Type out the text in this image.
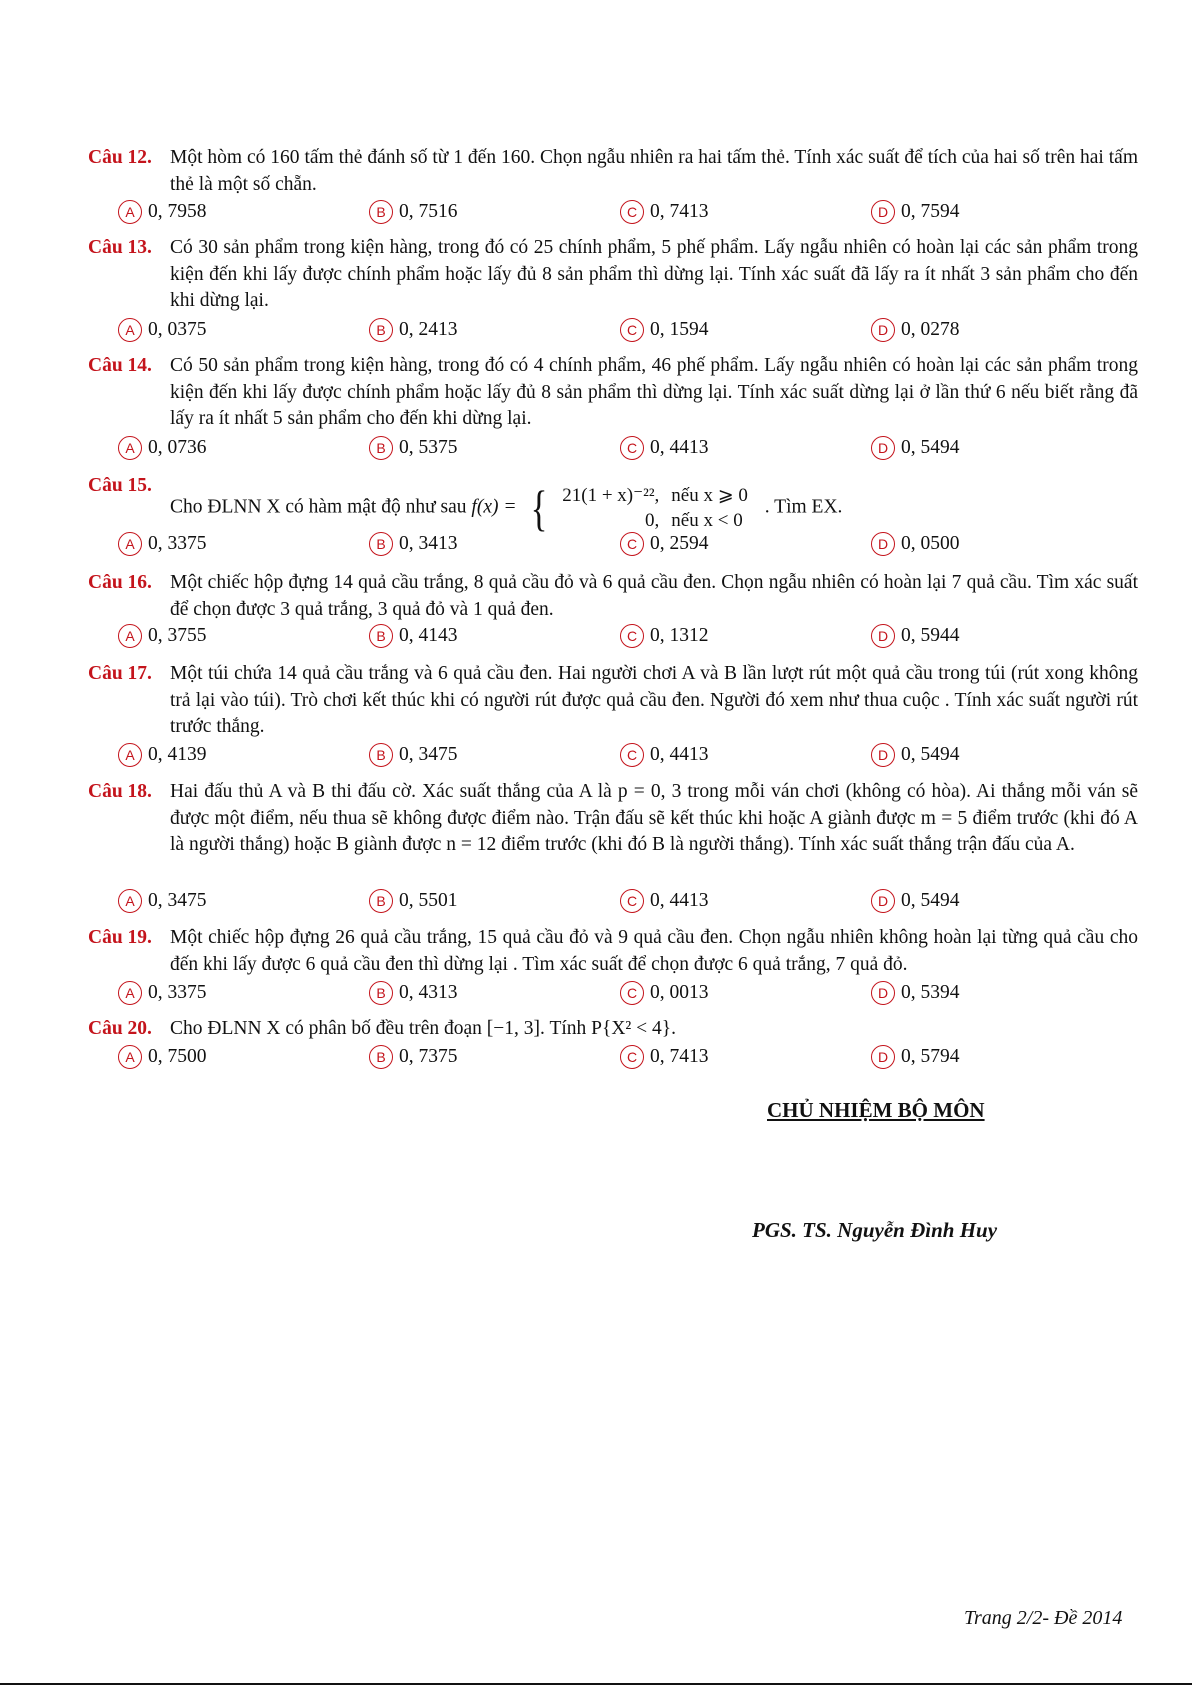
Câu 12. Một hòm có 160 tấm thẻ đánh số từ 1 đến 160. Chọn ngẫu nhiên ra hai tấm thẻ. Tính xác suất để tích của hai số trên hai tấm thẻ là một số chẵn.
A 0, 7958	B 0, 7516	C 0, 7413	D 0, 7594
Câu 13. Có 30 sản phẩm trong kiện hàng, trong đó có 25 chính phẩm, 5 phế phẩm. Lấy ngẫu nhiên có hoàn lại các sản phẩm trong kiện đến khi lấy được chính phẩm hoặc lấy đủ 8 sản phẩm thì dừng lại. Tính xác suất đã lấy ra ít nhất 3 sản phẩm cho đến khi dừng lại.
A 0, 0375	B 0, 2413	C 0, 1594	D 0, 0278
Câu 14. Có 50 sản phẩm trong kiện hàng, trong đó có 4 chính phẩm, 46 phế phẩm. Lấy ngẫu nhiên có hoàn lại các sản phẩm trong kiện đến khi lấy được chính phẩm hoặc lấy đủ 8 sản phẩm thì dừng lại. Tính xác suất dừng lại ở lần thứ 6 nếu biết rằng đã lấy ra ít nhất 5 sản phẩm cho đến khi dừng lại.
A 0, 0736	B 0, 5375	C 0, 4413	D 0, 5494
Câu 15.
Cho ĐLNN X có hàm mật độ như sau f(x) = { 21(1 + x)⁻²²,	nếu x ⩾ 0
0,	nếu x < 0 . Tìm EX.
A 0, 3375	B 0, 3413	C 0, 2594	D 0, 0500
Câu 16. Một chiếc hộp đựng 14 quả cầu trắng, 8 quả cầu đỏ và 6 quả cầu đen. Chọn ngẫu nhiên có hoàn lại 7 quả cầu. Tìm xác suất để chọn được 3 quả trắng, 3 quả đỏ và 1 quả đen.
A 0, 3755	B 0, 4143	C 0, 1312	D 0, 5944
Câu 17. Một túi chứa 14 quả cầu trắng và 6 quả cầu đen. Hai người chơi A và B lần lượt rút một quả cầu trong túi (rút xong không trả lại vào túi). Trò chơi kết thúc khi có người rút được quả cầu đen. Người đó xem như thua cuộc . Tính xác suất người rút trước thắng.
A 0, 4139	B 0, 3475	C 0, 4413	D 0, 5494
Câu 18. Hai đấu thủ A và B thi đấu cờ. Xác suất thắng của A là p = 0, 3 trong mỗi ván chơi (không có hòa). Ai thắng mỗi ván sẽ được một điểm, nếu thua sẽ không được điểm nào. Trận đấu sẽ kết thúc khi hoặc A giành được m = 5 điểm trước (khi đó A là người thắng) hoặc B giành được n = 12 điểm trước (khi đó B là người thắng). Tính xác suất thắng trận đấu của A.
A 0, 3475	B 0, 5501	C 0, 4413	D 0, 5494
Câu 19. Một chiếc hộp đựng 26 quả cầu trắng, 15 quả cầu đỏ và 9 quả cầu đen. Chọn ngẫu nhiên không hoàn lại từng quả cầu cho đến khi lấy được 6 quả cầu đen thì dừng lại . Tìm xác suất để chọn được 6 quả trắng, 7 quả đỏ.
A 0, 3375	B 0, 4313	C 0, 0013	D 0, 5394
Câu 20. Cho ĐLNN X có phân bố đều trên đoạn [−1, 3]. Tính P{X² < 4}.
A 0, 7500	B 0, 7375	C 0, 7413	D 0, 5794
CHỦ NHIỆM BỘ MÔN
PGS. TS. Nguyễn Đình Huy
Trang 2/2- Đề 2014
